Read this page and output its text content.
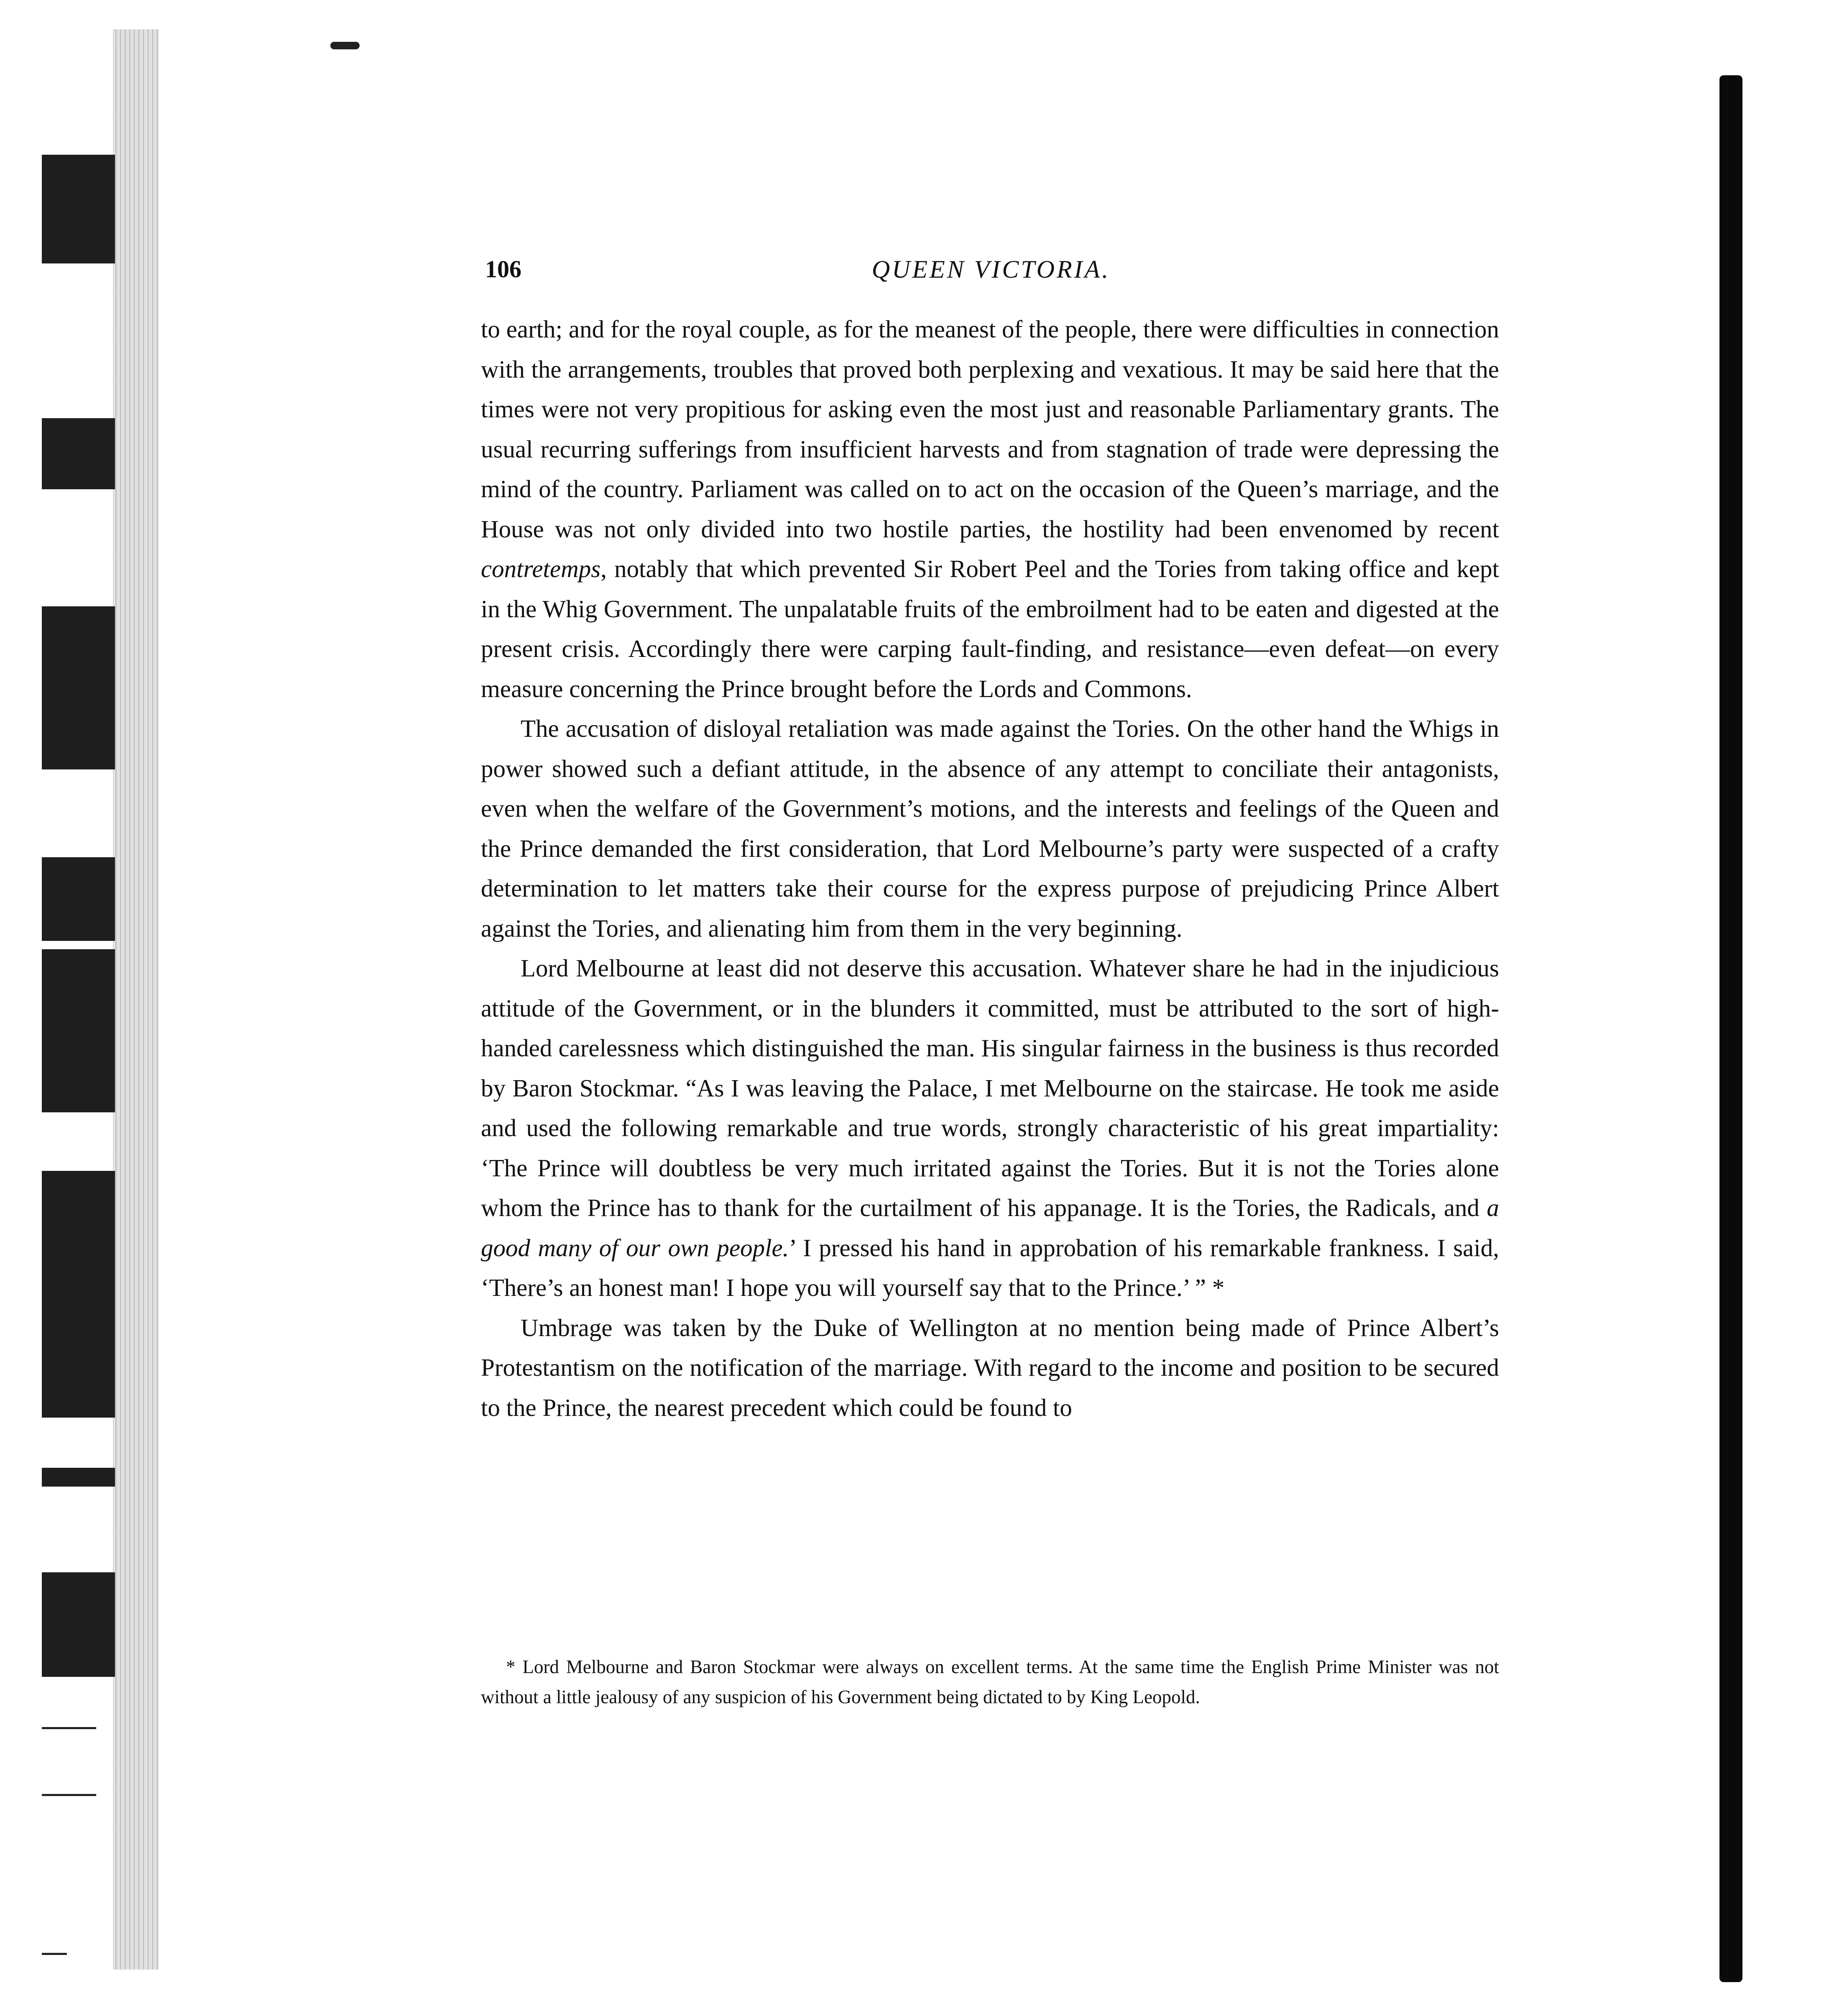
106	QUEEN VICTORIA.

to earth; and for the royal couple, as for the meanest of the people, there were difficulties in connection with the arrangements, troubles that proved both perplexing and vexatious. It may be said here that the times were not very propitious for asking even the most just and reasonable Parliamentary grants. The usual recurring sufferings from insufficient harvests and from stagnation of trade were depressing the mind of the country. Parliament was called on to act on the occasion of the Queen’s marriage, and the House was not only divided into two hostile parties, the hostility had been envenomed by recent contretemps, notably that which prevented Sir Robert Peel and the Tories from taking office and kept in the Whig Government. The unpalatable fruits of the embroilment had to be eaten and digested at the present crisis. Accordingly there were carping fault-finding, and resistance—even defeat—on every measure concerning the Prince brought before the Lords and Commons.

The accusation of disloyal retaliation was made against the Tories. On the other hand the Whigs in power showed such a defiant attitude, in the absence of any attempt to conciliate their antagonists, even when the welfare of the Government’s motions, and the interests and feelings of the Queen and the Prince demanded the first consideration, that Lord Melbourne’s party were suspected of a crafty determination to let matters take their course for the express purpose of prejudicing Prince Albert against the Tories, and alienating him from them in the very beginning.

Lord Melbourne at least did not deserve this accusation. Whatever share he had in the injudicious attitude of the Government, or in the blunders it committed, must be attributed to the sort of high-handed carelessness which distinguished the man. His singular fairness in the business is thus recorded by Baron Stockmar. “As I was leaving the Palace, I met Melbourne on the staircase. He took me aside and used the following remarkable and true words, strongly characteristic of his great impartiality: ‘The Prince will doubtless be very much irritated against the Tories. But it is not the Tories alone whom the Prince has to thank for the curtailment of his appanage. It is the Tories, the Radicals, and a good many of our own people.’ I pressed his hand in approbation of his remarkable frankness. I said, ‘There’s an honest man! I hope you will yourself say that to the Prince.’ ” *

Umbrage was taken by the Duke of Wellington at no mention being made of Prince Albert’s Protestantism on the notification of the marriage. With regard to the income and position to be secured to the Prince, the nearest precedent which could be found to

* Lord Melbourne and Baron Stockmar were always on excellent terms. At the same time the English Prime Minister was not without a little jealousy of any suspicion of his Government being dictated to by King Leopold.
